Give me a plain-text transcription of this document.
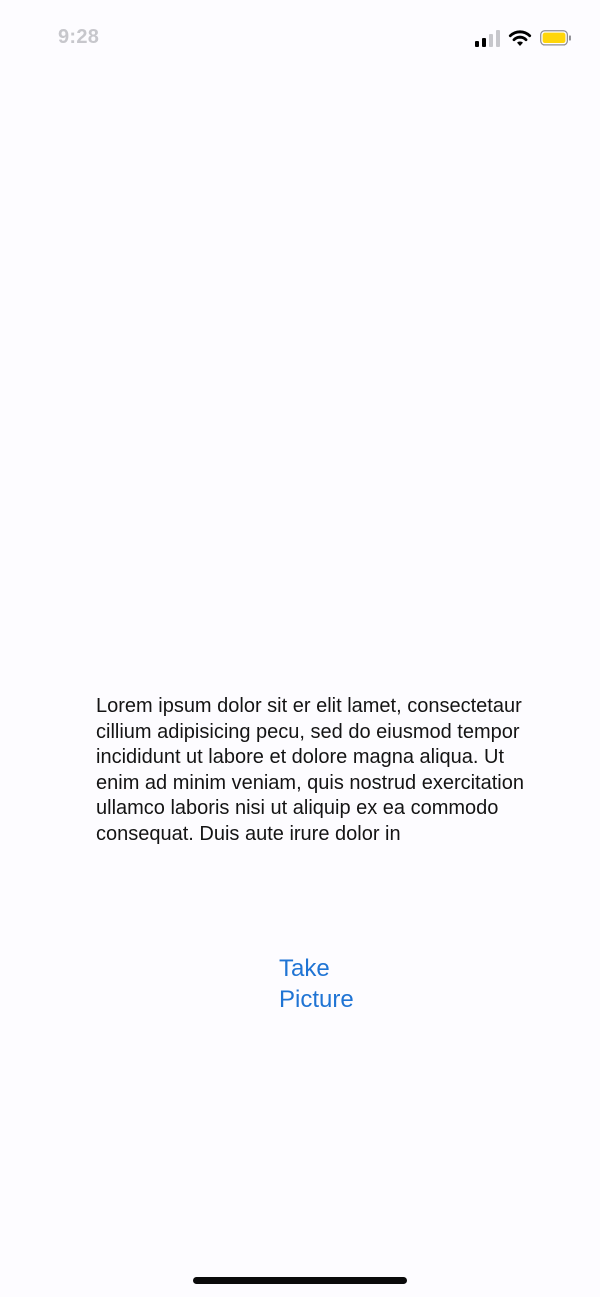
9:28

Lorem ipsum dolor sit er elit lamet, consectetaur cillium adipisicing pecu, sed do eiusmod tempor incididunt ut labore et dolore magna aliqua. Ut enim ad minim veniam, quis nostrud exercitation ullamco laboris nisi ut aliquip ex ea commodo consequat. Duis aute irure dolor in

Take Picture
